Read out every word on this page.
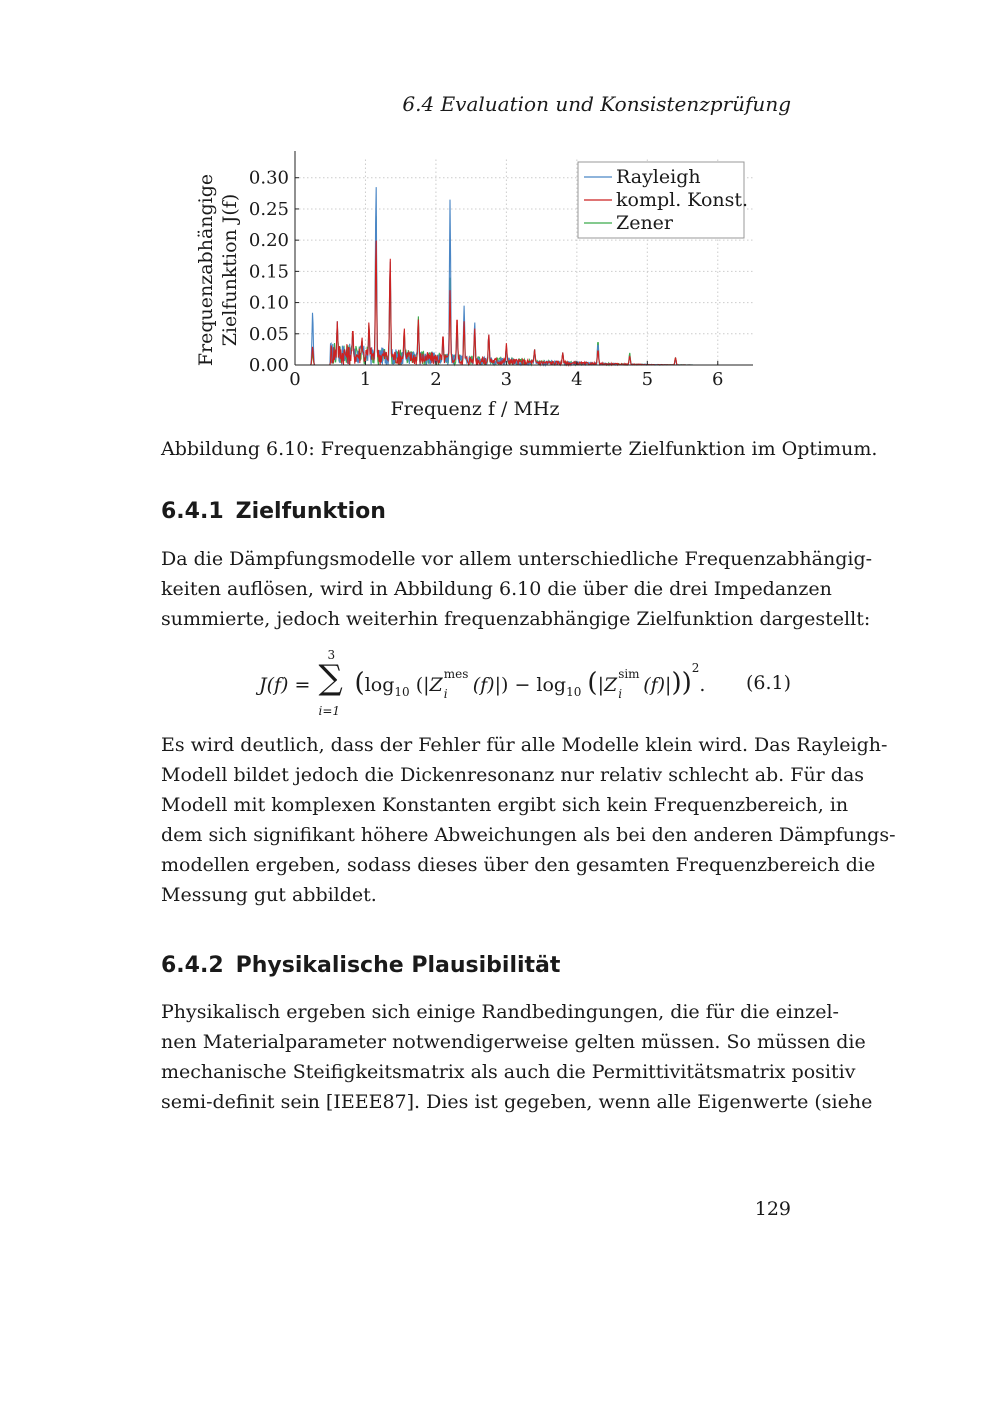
6.4 Evaluation und Konsistenzprüfung
0	1	2	3	4	5	6
0.00
0.05
0.10
0.15
0.20
0.25
0.30
Frequenz f / MHz
Frequenzabhängige Zielfunktion J(f)
Rayleigh
kompl. Konst.
Zener
Abbildung 6.10: Frequenzabhängige summierte Zielfunktion im Optimum.
6.4.1 Zielfunktion
Da die Dämpfungsmodelle vor allem unterschiedliche Frequenzabhängig-
keiten auflösen, wird in Abbildung 6.10 die über die drei Impedanzen
summierte, jedoch weiterhin frequenzabhängige Zielfunktion dargestellt:
J(f) =
3
∑
i=1
($\log_{10}$ (|Z mes
i $(f)|) - \log_{10} (|Z$ sim
i (f)|))$^2$. (6.1)
Es wird deutlich, dass der Fehler für alle Modelle klein wird. Das Rayleigh-
Modell bildet jedoch die Dickenresonanz nur relativ schlecht ab. Für das
Modell mit komplexen Konstanten ergibt sich kein Frequenzbereich, in
dem sich signifikant höhere Abweichungen als bei den anderen Dämpfungs-
modellen ergeben, sodass dieses über den gesamten Frequenzbereich die
Messung gut abbildet.
6.4.2 Physikalische Plausibilität
Physikalisch ergeben sich einige Randbedingungen, die für die einzel-
nen Materialparameter notwendigerweise gelten müssen. So müssen die
mechanische Steifigkeitsmatrix als auch die Permittivitätsmatrix positiv
semi-definit sein [IEEE87]. Dies ist gegeben, wenn alle Eigenwerte (siehe
129
